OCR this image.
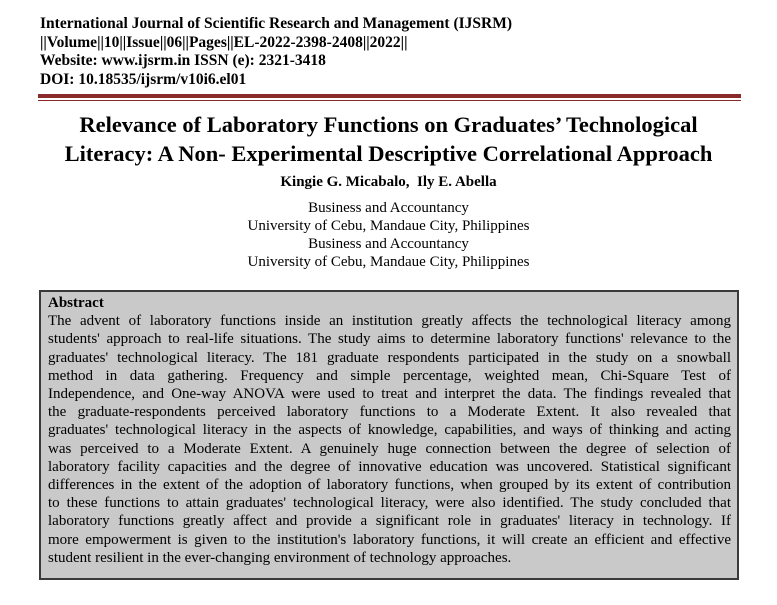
International Journal of Scientific Research and Management (IJSRM)
||Volume||10||Issue||06||Pages||EL-2022-2398-2408||2022||
Website: www.ijsrm.in ISSN (e): 2321-3418
DOI: 10.18535/ijsrm/v10i6.el01
Relevance of Laboratory Functions on Graduates’ Technological
Literacy: A Non- Experimental Descriptive Correlational Approach
Kingie G. Micabalo,  Ily E. Abella
Business and Accountancy
University of Cebu, Mandaue City, Philippines
Business and Accountancy
University of Cebu, Mandaue City, Philippines
Abstract
The advent of laboratory functions inside an institution greatly affects the technological literacy among
students' approach to real-life situations. The study aims to determine laboratory functions' relevance to the
graduates' technological literacy. The 181 graduate respondents participated in the study on a snowball
method in data gathering. Frequency and simple percentage, weighted mean, Chi-Square Test of
Independence, and One-way ANOVA were used to treat and interpret the data. The findings revealed that
the graduate-respondents perceived laboratory functions to a Moderate Extent. It also revealed that
graduates' technological literacy in the aspects of knowledge, capabilities, and ways of thinking and acting
was perceived to a Moderate Extent. A genuinely huge connection between the degree of selection of
laboratory facility capacities and the degree of innovative education was uncovered. Statistical significant
differences in the extent of the adoption of laboratory functions, when grouped by its extent of contribution
to these functions to attain graduates' technological literacy, were also identified. The study concluded that
laboratory functions greatly affect and provide a significant role in graduates' literacy in technology. If
more empowerment is given to the institution's laboratory functions, it will create an efficient and effective
student resilient in the ever-changing environment of technology approaches.
